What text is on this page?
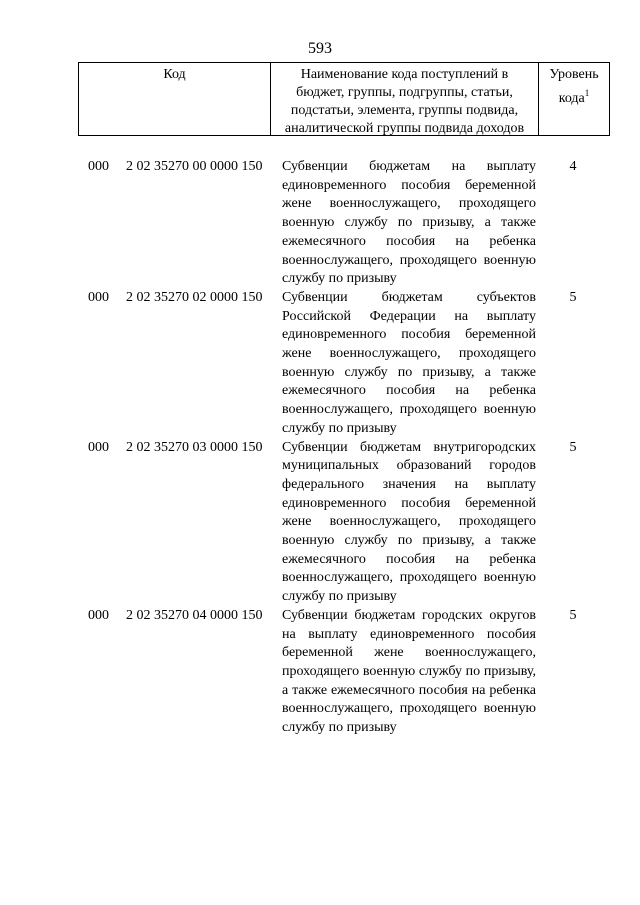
593
Код	Наименование кода поступлений в бюджет, группы, подгруппы, статьи, подстатьи, элемента, группы подвида, аналитической группы подвида доходов
Уровень кода$^1$
000 2 02 35270 00 0000 150 Субвенции бюджетам на выплату единовременного пособия беременной жене военнослужащего, проходящего военную службу по призыву, а также ежемесячного пособия на ребенка военнослужащего, проходящего военную службу по призыву
4
000 2 02 35270 02 0000 150 Субвенции бюджетам субъектов Российской Федерации на выплату единовременного пособия беременной жене военнослужащего, проходящего военную службу по призыву, а также ежемесячного пособия на ребенка военнослужащего, проходящего военную службу по призыву
5
000 2 02 35270 03 0000 150 Субвенции бюджетам внутригородских муниципальных образований городов федерального значения на выплату единовременного пособия беременной жене военнослужащего, проходящего военную службу по призыву, а также ежемесячного пособия на ребенка военнослужащего, проходящего военную службу по призыву
5
000 2 02 35270 04 0000 150 Субвенции бюджетам городских округов на выплату единовременного пособия беременной жене военнослужащего, проходящего военную службу по призыву, а также ежемесячного пособия на ребенка военнослужащего, проходящего военную службу по призыву
5
